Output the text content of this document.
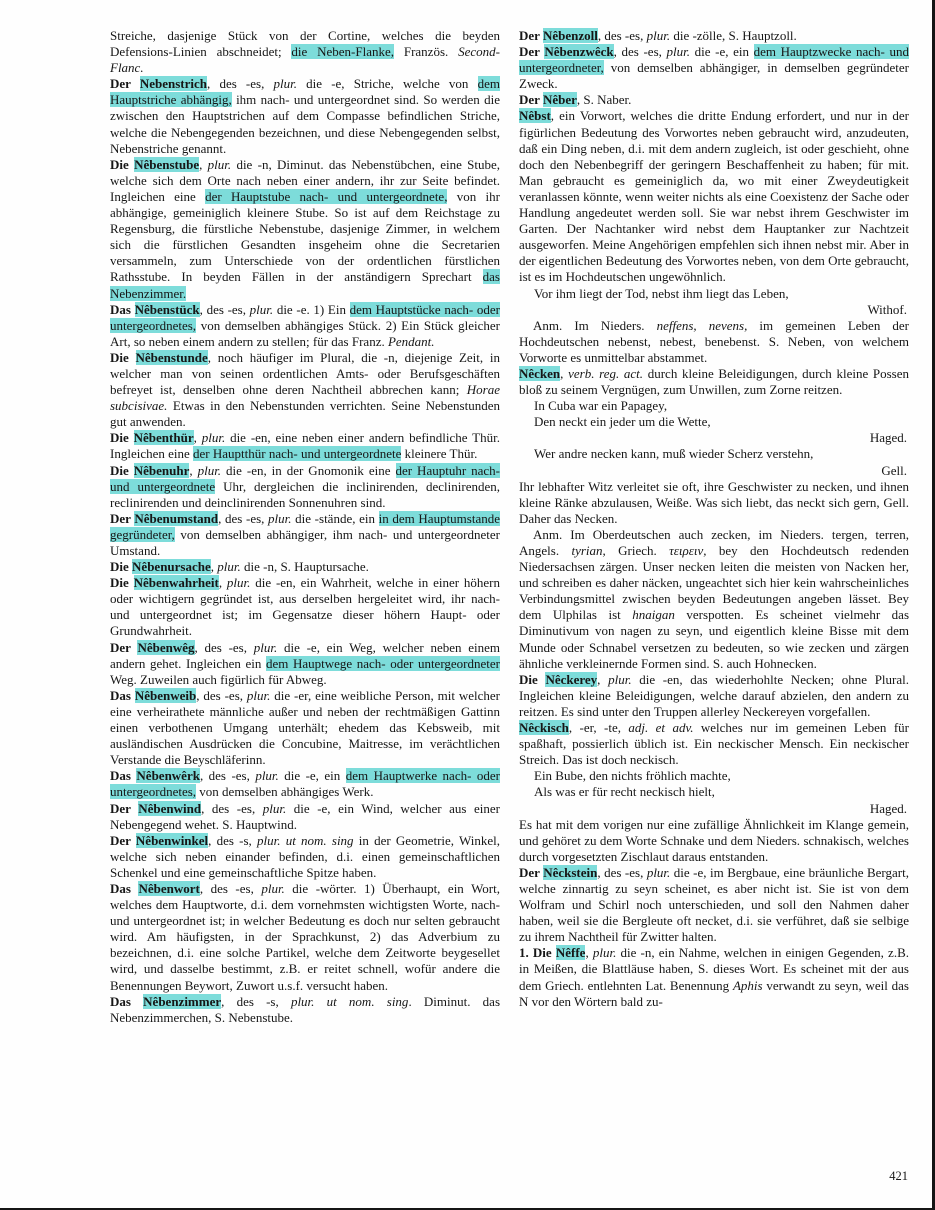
Streiche, dasjenige Stück von der Cortine, welches die beyden Defensions-Linien abschneidet; die Neben-Flanke, Französ. Second-Flanc.

Der Nebenstrich, des -es, plur. die -e, Striche, welche von dem Hauptstriche abhängig, ihm nach- und untergeordnet sind. So werden die zwischen den Hauptstrichen auf dem Compasse befindlichen Striche, welche die Nebengegenden bezeichnen, und diese Nebengegenden selbst, Nebenstriche genannt.

Die Nêbenstube, plur. die -n, Diminut. das Nebenstübchen, eine Stube, welche sich dem Orte nach neben einer andern, ihr zur Seite befindet. Ingleichen eine der Hauptstube nach- und untergeordnete, von ihr abhängige, gemeiniglich kleinere Stube. So ist auf dem Reichstage zu Regensburg, die fürstliche Nebenstube, dasjenige Zimmer, in welchem sich die fürstlichen Gesandten insgeheim ohne die Secretarien versammeln, zum Unterschiede von der ordentlichen fürstlichen Rathsstube. In beyden Fällen in der anständigern Sprechart das Nebenzimmer.

Das Nêbenstück, des -es, plur. die -e. 1) Ein dem Hauptstücke nach- oder untergeordnetes, von demselben abhängiges Stück. 2) Ein Stück gleicher Art, so neben einem andern zu stellen; für das Franz. Pendant.

Die Nêbenstunde, noch häufiger im Plural, die -n, diejenige Zeit, in welcher man von seinen ordentlichen Amts- oder Berufsgeschäften befreyet ist, denselben ohne deren Nachtheil abbrechen kann; Horae subcisivae. Etwas in den Nebenstunden verrichten. Seine Nebenstunden gut anwenden.

Die Nêbenthür, plur. die -en, eine neben einer andern befindliche Thür. Ingleichen eine der Hauptthür nach- und untergeordnete kleinere Thür.

Die Nêbenuhr, plur. die -en, in der Gnomonik eine der Hauptuhr nach- und untergeordnete Uhr, dergleichen die inclinirenden, declinirenden, reclinirenden und deinclinirenden Sonnenuhren sind.

Der Nêbenumstand, des -es, plur. die -stände, ein in dem Hauptumstande gegründeter, von demselben abhängiger, ihm nach- und untergeordneter Umstand.

Die Nêbenursache, plur. die -n, S. Hauptursache.

Die Nêbenwahrheit, plur. die -en, ein Wahrheit, welche in einer höhern oder wichtigern gegründet ist, aus derselben hergeleitet wird, ihr nach- und untergeordnet ist; im Gegensatze dieser höhern Haupt- oder Grundwahrheit.

Der Nêbenwêg, des -es, plur. die -e, ein Weg, welcher neben einem andern gehet. Ingleichen ein dem Hauptwege nach- oder untergeordneter Weg. Zuweilen auch figürlich für Abweg.

Das Nêbenweib, des -es, plur. die -er, eine weibliche Person, mit welcher eine verheirathete männliche außer und neben der rechtmäßigen Gattinn einen verbothenen Umgang unterhält; ehedem das Kebsweib, mit ausländischen Ausdrücken die Concubine, Maitresse, im verächtlichen Verstande die Beyschläferinn.

Das Nêbenwêrk, des -es, plur. die -e, ein dem Hauptwerke nach- oder untergeordnetes, von demselben abhängiges Werk.

Der Nêbenwind, des -es, plur. die -e, ein Wind, welcher aus einer Nebengegend wehet. S. Hauptwind.

Der Nêbenwinkel, des -s, plur. ut nom. sing in der Geometrie, Winkel, welche sich neben einander befinden, d.i. einen gemeinschaftlichen Schenkel und eine gemeinschaftliche Spitze haben.

Das Nêbenwort, des -es, plur. die -wörter. 1) Überhaupt, ein Wort, welches dem Hauptworte, d.i. dem vornehmsten wichtigsten Worte, nach- und untergeordnet ist; in welcher Bedeutung es doch nur selten gebraucht wird. Am häufigsten, in der Sprachkunst, 2) das Adverbium zu bezeichnen, d.i. eine solche Partikel, welche dem Zeitworte beygesellet wird, und dasselbe bestimmt, z.B. er reitet schnell, wofür andere die Benennungen Beywort, Zuwort u.s.f. versucht haben.

Das Nêbenzimmer, des -s, plur. ut nom. sing. Diminut. das Nebenzimmerchen, S. Nebenstube.

Der Nêbenzoll, des -es, plur. die -zölle, S. Hauptzoll.

Der Nêbenzwêck, des -es, plur. die -e, ein dem Hauptzwecke nach- und untergeordneter, von demselben abhängiger, in demselben gegründeter Zweck.

Der Nêber, S. Naber.

Nêbst, ein Vorwort, welches die dritte Endung erfordert, und nur in der figürlichen Bedeutung des Vorwortes neben gebraucht wird, anzudeuten, daß ein Ding neben, d.i. mit dem andern zugleich, ist oder geschieht, ohne doch den Nebenbegriff der geringern Beschaffenheit zu haben; für mit. Man gebraucht es gemeiniglich da, wo mit einer Zweydeutigkeit veranlassen könnte, wenn weiter nichts als eine Coexistenz der Sache oder Handlung angedeutet werden soll. Sie war nebst ihrem Geschwister im Garten. Der Nachtanker wird nebst dem Hauptanker zur Nachtzeit ausgeworfen. Meine Angehörigen empfehlen sich ihnen nebst mir. Aber in der eigentlichen Bedeutung des Vorwortes neben, von dem Orte gebraucht, ist es im Hochdeutschen ungewöhnlich.

Vor ihm liegt der Tod, nebst ihm liegt das Leben,

Withof.

Anm. Im Nieders. neffens, nevens, im gemeinen Leben der Hochdeutschen nebenst, nebest, benebenst. S. Neben, von welchem Vorworte es unmittelbar abstammet.

Nêcken, verb. reg. act. durch kleine Beleidigungen, durch kleine Possen bloß zu seinem Vergnügen, zum Unwillen, zum Zorne reitzen.

In Cuba war ein Papagey,

Den neckt ein jeder um die Wette,

Haged.

Wer andre necken kann, muß wieder Scherz verstehn,

Gell.

Ihr lebhafter Witz verleitet sie oft, ihre Geschwister zu necken, und ihnen kleine Ränke abzulausen, Weiße. Was sich liebt, das neckt sich gern, Gell. Daher das Necken.

Anm. Im Oberdeutschen auch zecken, im Nieders. tergen, terren, Angels. tyrian, Griech. τειρειν, bey den Hochdeutsch redenden Niedersachsen zärgen. Unser necken leiten die meisten von Nacken her, und schreiben es daher näcken, ungeachtet sich hier kein wahrscheinliches Verbindungsmittel zwischen beyden Bedeutungen angeben lässet. Bey dem Ulphilas ist hnaigan verspotten. Es scheinet vielmehr das Diminutivum von nagen zu seyn, und eigentlich kleine Bisse mit dem Munde oder Schnabel versetzen zu bedeuten, so wie zecken und zärgen ähnliche verkleinernde Formen sind. S. auch Hohnecken.

Die Nêckerey, plur. die -en, das wiederhohlte Necken; ohne Plural. Ingleichen kleine Beleidigungen, welche darauf abzielen, den andern zu reitzen. Es sind unter den Truppen allerley Neckereyen vorgefallen.

Nêckisch, -er, -te, adj. et adv. welches nur im gemeinen Leben für spaßhaft, possierlich üblich ist. Ein neckischer Mensch. Ein neckischer Streich. Das ist doch neckisch.

Ein Bube, den nichts fröhlich machte,

Als was er für recht neckisch hielt,

Haged.

Es hat mit dem vorigen nur eine zufällige Ähnlichkeit im Klange gemein, und gehöret zu dem Worte Schnake und dem Nieders. schnakisch, welches durch vorgesetzten Zischlaut daraus entstanden.

Der Nêckstein, des -es, plur. die -e, im Bergbaue, eine bräunliche Bergart, welche zinnartig zu seyn scheinet, es aber nicht ist. Sie ist von dem Wolfram und Schirl noch unterschieden, und soll den Nahmen daher haben, weil sie die Bergleute oft necket, d.i. sie verführet, daß sie selbige zu ihrem Nachtheil für Zwitter halten.

1. Die Nêffe, plur. die -n, ein Nahme, welchen in einigen Gegenden, z.B. in Meißen, die Blattläuse haben, S. dieses Wort. Es scheinet mit der aus dem Griech. entlehnten Lat. Benennung Aphis verwandt zu seyn, weil das N vor den Wörtern bald zu-

421
